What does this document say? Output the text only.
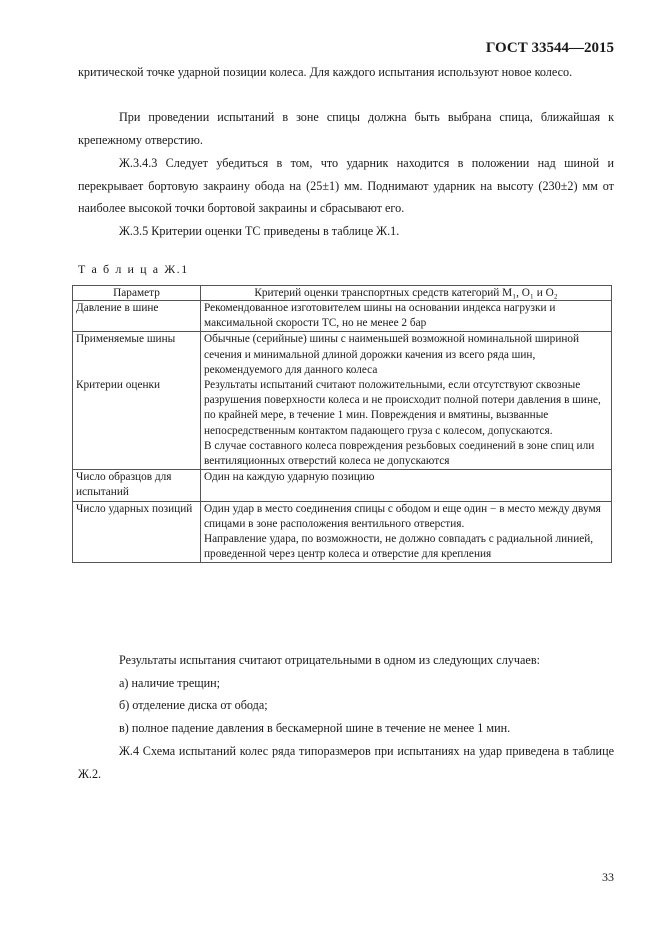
ГОСТ 33544—2015

критической точке ударной позиции колеса. Для каждого испытания используют новое колесо.

При проведении испытаний в зоне спицы должна быть выбрана спица, ближайшая к крепежному отверстию.

Ж.3.4.3 Следует убедиться в том, что ударник находится в положении над шиной и перекрывает бортовую закраину обода на (25±1) мм. Поднимают ударник на высоту (230±2) мм от наиболее высокой точки бортовой закраины и сбрасывают его.

Ж.3.5 Критерии оценки ТС приведены в таблице Ж.1.

Т а б л и ц а Ж.1
Параметр	Критерий оценки транспортных средств категорий M₁, O₁ и O₂
Давление в шине	Рекомендованное изготовителем шины на основании индекса нагрузки и максимальной скорости ТС, но не менее 2 бар

Применяемые шины	Обычные (серийные) шины с наименьшей возможной номинальной шириной сечения и минимальной длиной дорожки качения из всего ряда шин, рекомендуемого для данного колеса

Критерии оценки	Результаты испытаний считают положительными, если отсутствуют сквозные разрушения поверхности колеса и не происходит полной потери давления в шине, по крайней мере, в течение 1 мин. Повреждения и вмятины, вызванные непосредственным контактом падающего груза с колесом, допускаются.
В случае составного колеса повреждения резьбовых соединений в зоне спиц или вентиляционных отверстий колеса не допускаются

Число образцов для испытаний	Один на каждую ударную позицию

Число ударных позиций	Один удар в место соединения спицы с ободом и еще один − в место между двумя спицами в зоне расположения вентильного отверстия.
Направление удара, по возможности, не должно совпадать с радиальной линией, проведенной через центр колеса и отверстие для крепления

Результаты испытания считают отрицательными в одном из следующих случаев:

а) наличие трещин;

б) отделение диска от обода;

в) полное падение давления в бескамерной шине в течение не менее 1 мин.

Ж.4 Схема испытаний колес ряда типоразмеров при испытаниях на удар приведена в таблице Ж.2.

33
